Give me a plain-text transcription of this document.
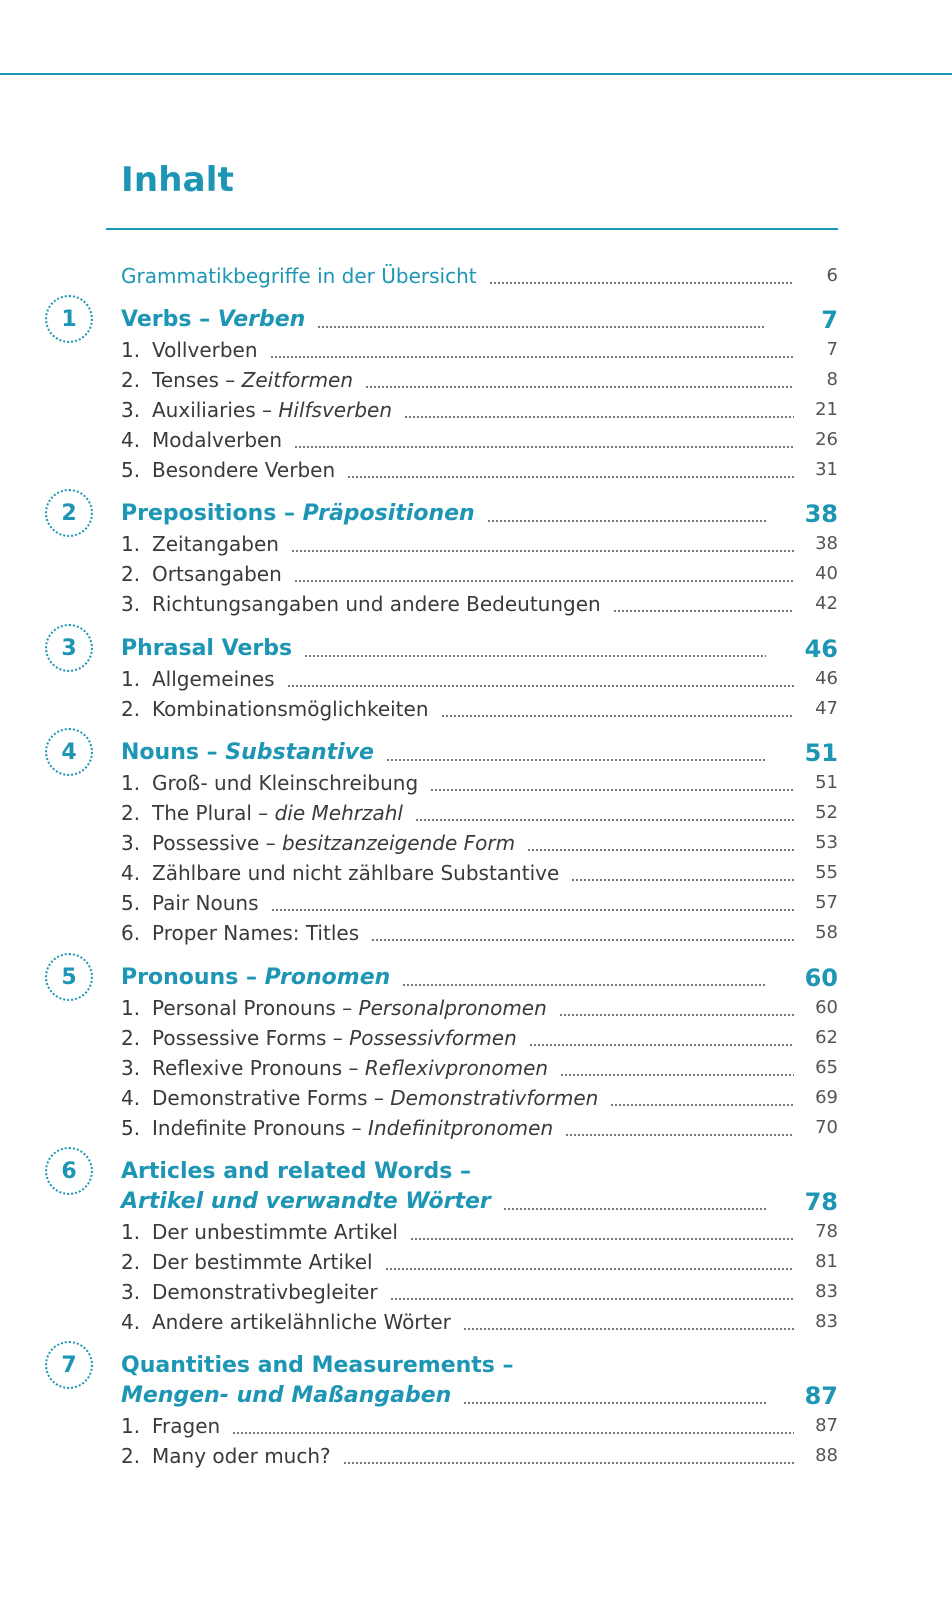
Inhalt
Grammatikbegriffe in der Übersicht	6
1	Verbs – Verben	7
1. Vollverben	7
2. Tenses – Zeitformen	8
3. Auxiliaries – Hilfsverben	21
4. Modalverben	26
5. Besondere Verben	31
2	Prepositions – Präpositionen	38
1. Zeitangaben	38
2. Ortsangaben	40
3. Richtungsangaben und andere Bedeutungen	42
3	Phrasal Verbs	46
1. Allgemeines	46
2. Kombinationsmöglichkeiten	47
4	Nouns – Substantive	51
1. Groß- und Kleinschreibung	51
2. The Plural – die Mehrzahl	52
3. Possessive – besitzanzeigende Form	53
4. Zählbare und nicht zählbare Substantive	55
5. Pair Nouns	57
6. Proper Names: Titles	58
5	Pronouns – Pronomen	60
1. Personal Pronouns – Personalpronomen	60
2. Possessive Forms – Possessivformen	62
3. Reflexive Pronouns – Reflexivpronomen	65
4. Demonstrative Forms – Demonstrativformen	69
5. Indefinite Pronouns – Indefinitpronomen	70
6	Articles and related Words –
Artikel und verwandte Wörter	78
1. Der unbestimmte Artikel	78
2. Der bestimmte Artikel	81
3. Demonstrativbegleiter	83
4. Andere artikelähnliche Wörter	83
7	Quantities and Measurements –
Mengen- und Maßangaben	87
1. Fragen	87
2. Many oder much?	88
